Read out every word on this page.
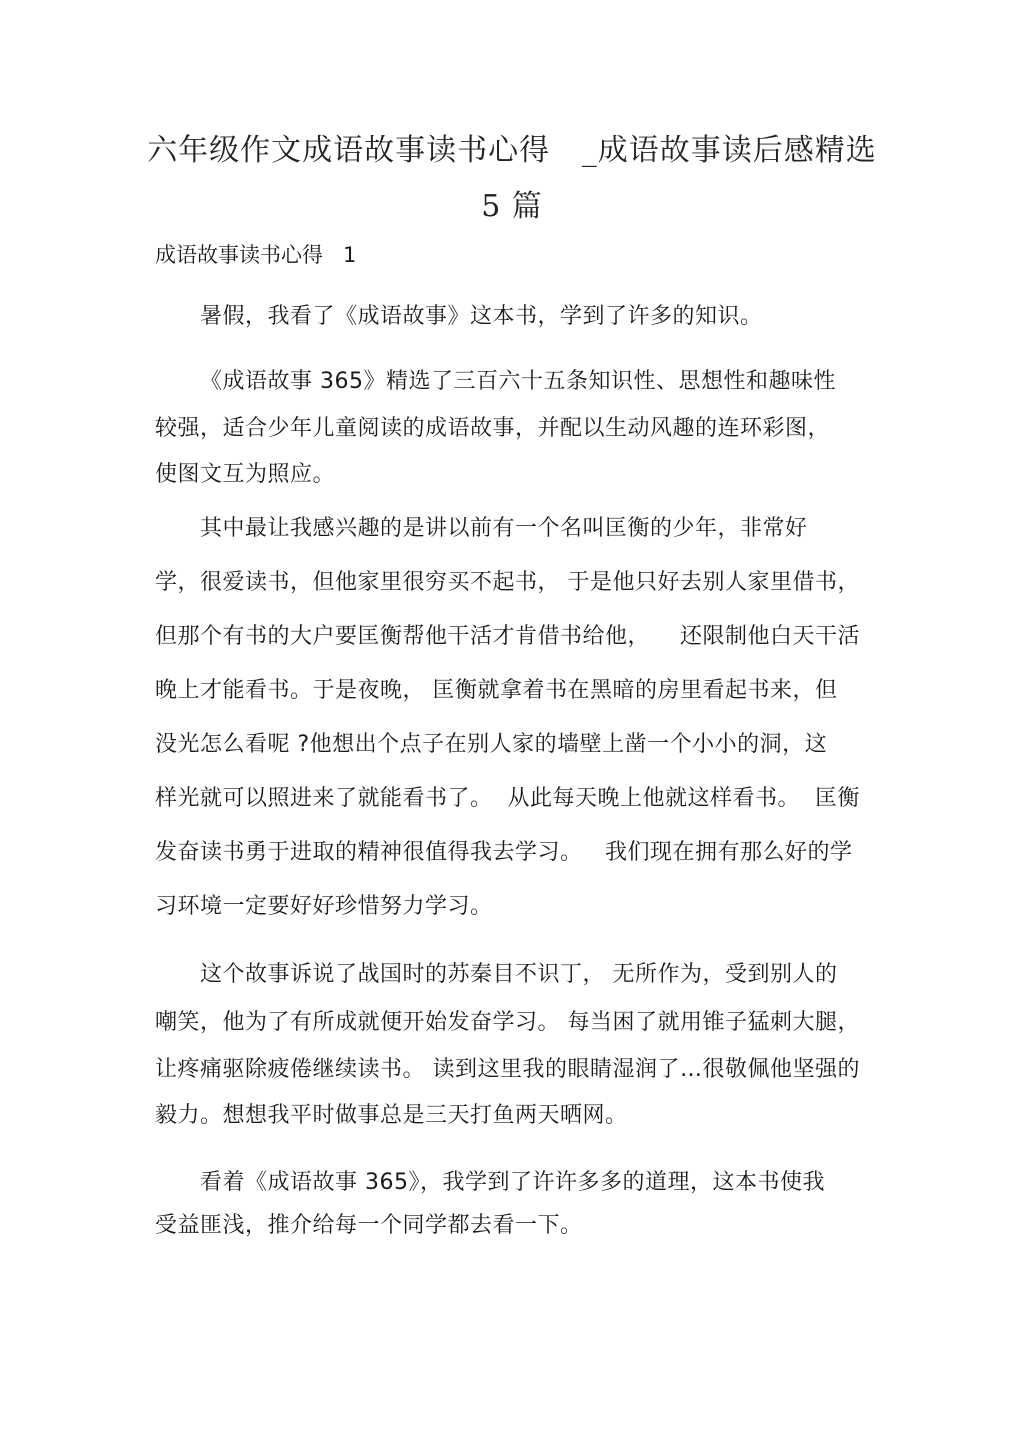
六年级作文成语故事读书心得   _成语故事读后感精选
5 篇
成语故事读书心得   1
暑假，我看了《成语故事》这本书，学到了许多的知识。
《成语故事 365》精选了三百六十五条知识性、思想性和趣味性
较强，适合少年儿童阅读的成语故事，并配以生动风趣的连环彩图，
使图文互为照应。
其中最让我感兴趣的是讲以前有一个名叫匡衡的少年，非常好
学，很爱读书，但他家里很穷买不起书， 于是他只好去别人家里借书，
但那个有书的大户要匡衡帮他干活才肯借书给他，    还限制他白天干活
晚上才能看书。于是夜晚， 匡衡就拿着书在黑暗的房里看起书来，但
没光怎么看呢 ?他想出个点子在别人家的墙壁上凿一个小小的洞，这
样光就可以照进来了就能看书了。  从此每天晚上他就这样看书。  匡衡
发奋读书勇于进取的精神很值得我去学习。   我们现在拥有那么好的学
习环境一定要好好珍惜努力学习。
这个故事诉说了战国时的苏秦目不识丁， 无所作为，受到别人的
嘲笑，他为了有所成就便开始发奋学习。 每当困了就用锥子猛刺大腿，
让疼痛驱除疲倦继续读书。 读到这里我的眼睛湿润了…很敬佩他坚强的
毅力。想想我平时做事总是三天打鱼两天晒网。
看着《成语故事 365》，我学到了许许多多的道理，这本书使我
受益匪浅，推介给每一个同学都去看一下。
